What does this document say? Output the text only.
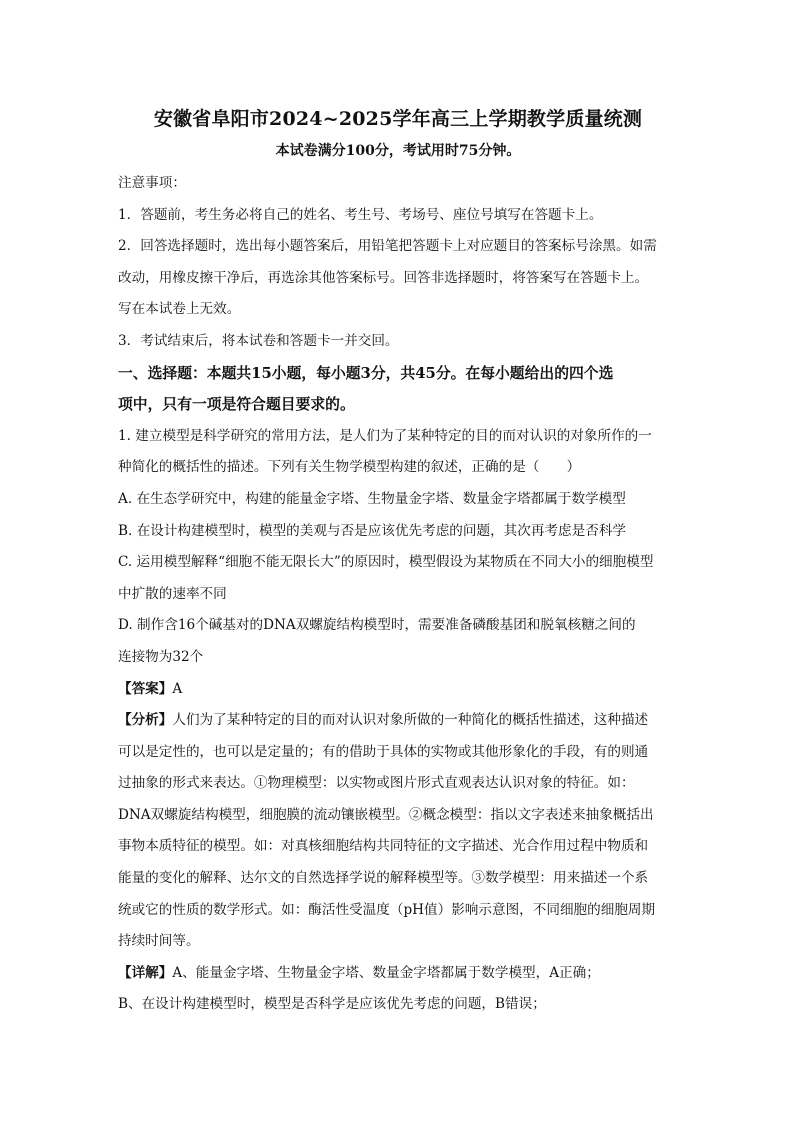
安徽省阜阳市2024~2025学年高三上学期教学质量统测
本试卷满分100分，考试用时75分钟。

注意事项：

1．答题前，考生务必将自己的姓名、考生号、考场号、座位号填写在答题卡上。

2．回答选择题时，选出每小题答案后，用铅笔把答题卡上对应题目的答案标号涂黑。如需

改动，用橡皮擦干净后，再选涂其他答案标号。回答非选择题时，将答案写在答题卡上。

写在本试卷上无效。

3．考试结束后，将本试卷和答题卡一并交回。

一、选择题：本题共15小题，每小题3分，共45分。在每小题给出的四个选

项中，只有一项是符合题目要求的。

1. 建立模型是科学研究的常用方法，是人们为了某种特定的目的而对认识的对象所作的一

种简化的概括性的描述。下列有关生物学模型构建的叙述，正确的是（　　）

A. 在生态学研究中，构建的能量金字塔、生物量金字塔、数量金字塔都属于数学模型

B. 在设计构建模型时，模型的美观与否是应该优先考虑的问题，其次再考虑是否科学

C. 运用模型解释“细胞不能无限长大”的原因时，模型假设为某物质在不同大小的细胞模型

中扩散的速率不同

D. 制作含16个碱基对的DNA双螺旋结构模型时，需要准备磷酸基团和脱氧核糖之间的

连接物为32个

【答案】A

【分析】人们为了某种特定的目的而对认识对象所做的一种简化的概括性描述，这种描述

可以是定性的，也可以是定量的；有的借助于具体的实物或其他形象化的手段，有的则通

过抽象的形式来表达。①物理模型：以实物或图片形式直观表达认识对象的特征。如：

DNA双螺旋结构模型，细胞膜的流动镶嵌模型。②概念模型：指以文字表述来抽象概括出

事物本质特征的模型。如：对真核细胞结构共同特征的文字描述、光合作用过程中物质和

能量的变化的解释、达尔文的自然选择学说的解释模型等。③数学模型：用来描述一个系

统或它的性质的数学形式。如：酶活性受温度（pH值）影响示意图，不同细胞的细胞周期

持续时间等。

【详解】A、能量金字塔、生物量金字塔、数量金字塔都属于数学模型，A正确；

B、在设计构建模型时，模型是否科学是应该优先考虑的问题，B错误；
